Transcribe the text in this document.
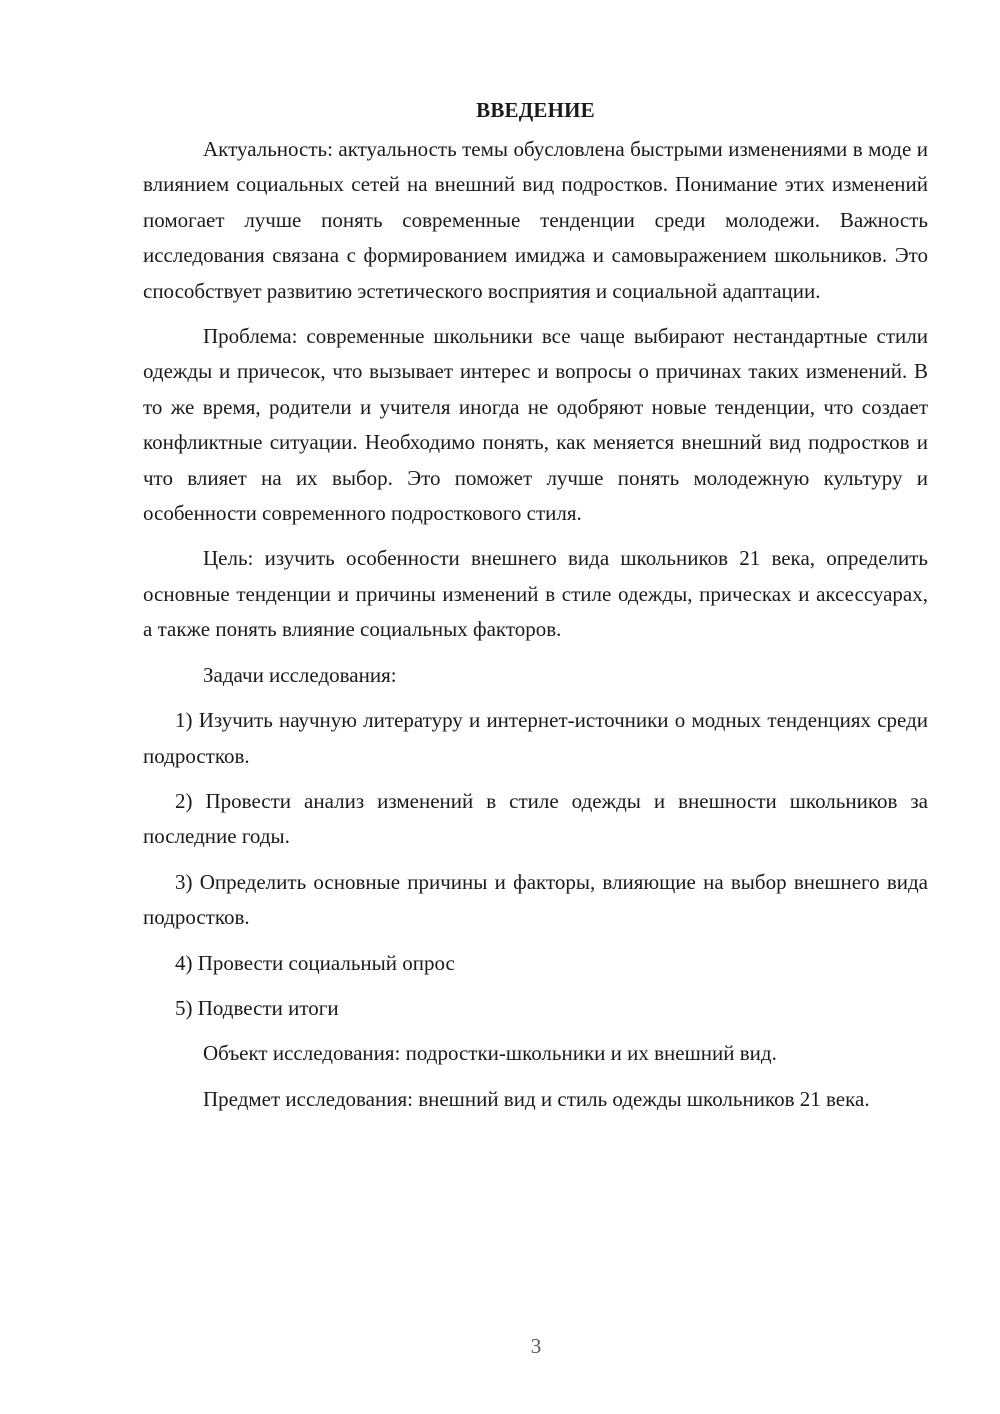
ВВЕДЕНИЕ

Актуальность: актуальность темы обусловлена быстрыми изменениями в моде и влиянием социальных сетей на внешний вид подростков. Понимание этих изменений помогает лучше понять современные тенденции среди молодежи. Важность исследования связана с формированием имиджа и самовыражением школьников. Это способствует развитию эстетического восприятия и социальной адаптации.

Проблема: современные школьники все чаще выбирают нестандартные стили одежды и причесок, что вызывает интерес и вопросы о причинах таких изменений. В то же время, родители и учителя иногда не одобряют новые тенденции, что создает конфликтные ситуации. Необходимо понять, как меняется внешний вид подростков и что влияет на их выбор. Это поможет лучше понять молодежную культуру и особенности современного подросткового стиля.

Цель: изучить особенности внешнего вида школьников 21 века, определить основные тенденции и причины изменений в стиле одежды, прическах и аксессуарах, а также понять влияние социальных факторов.

Задачи исследования:

1) Изучить научную литературу и интернет-источники о модных тенденциях среди подростков.

2) Провести анализ изменений в стиле одежды и внешности школьников за последние годы.

3) Определить основные причины и факторы, влияющие на выбор внешнего вида подростков.

4) Провести социальный опрос

5) Подвести итоги

Объект исследования: подростки-школьники и их внешний вид.

Предмет исследования: внешний вид и стиль одежды школьников 21 века.

3
